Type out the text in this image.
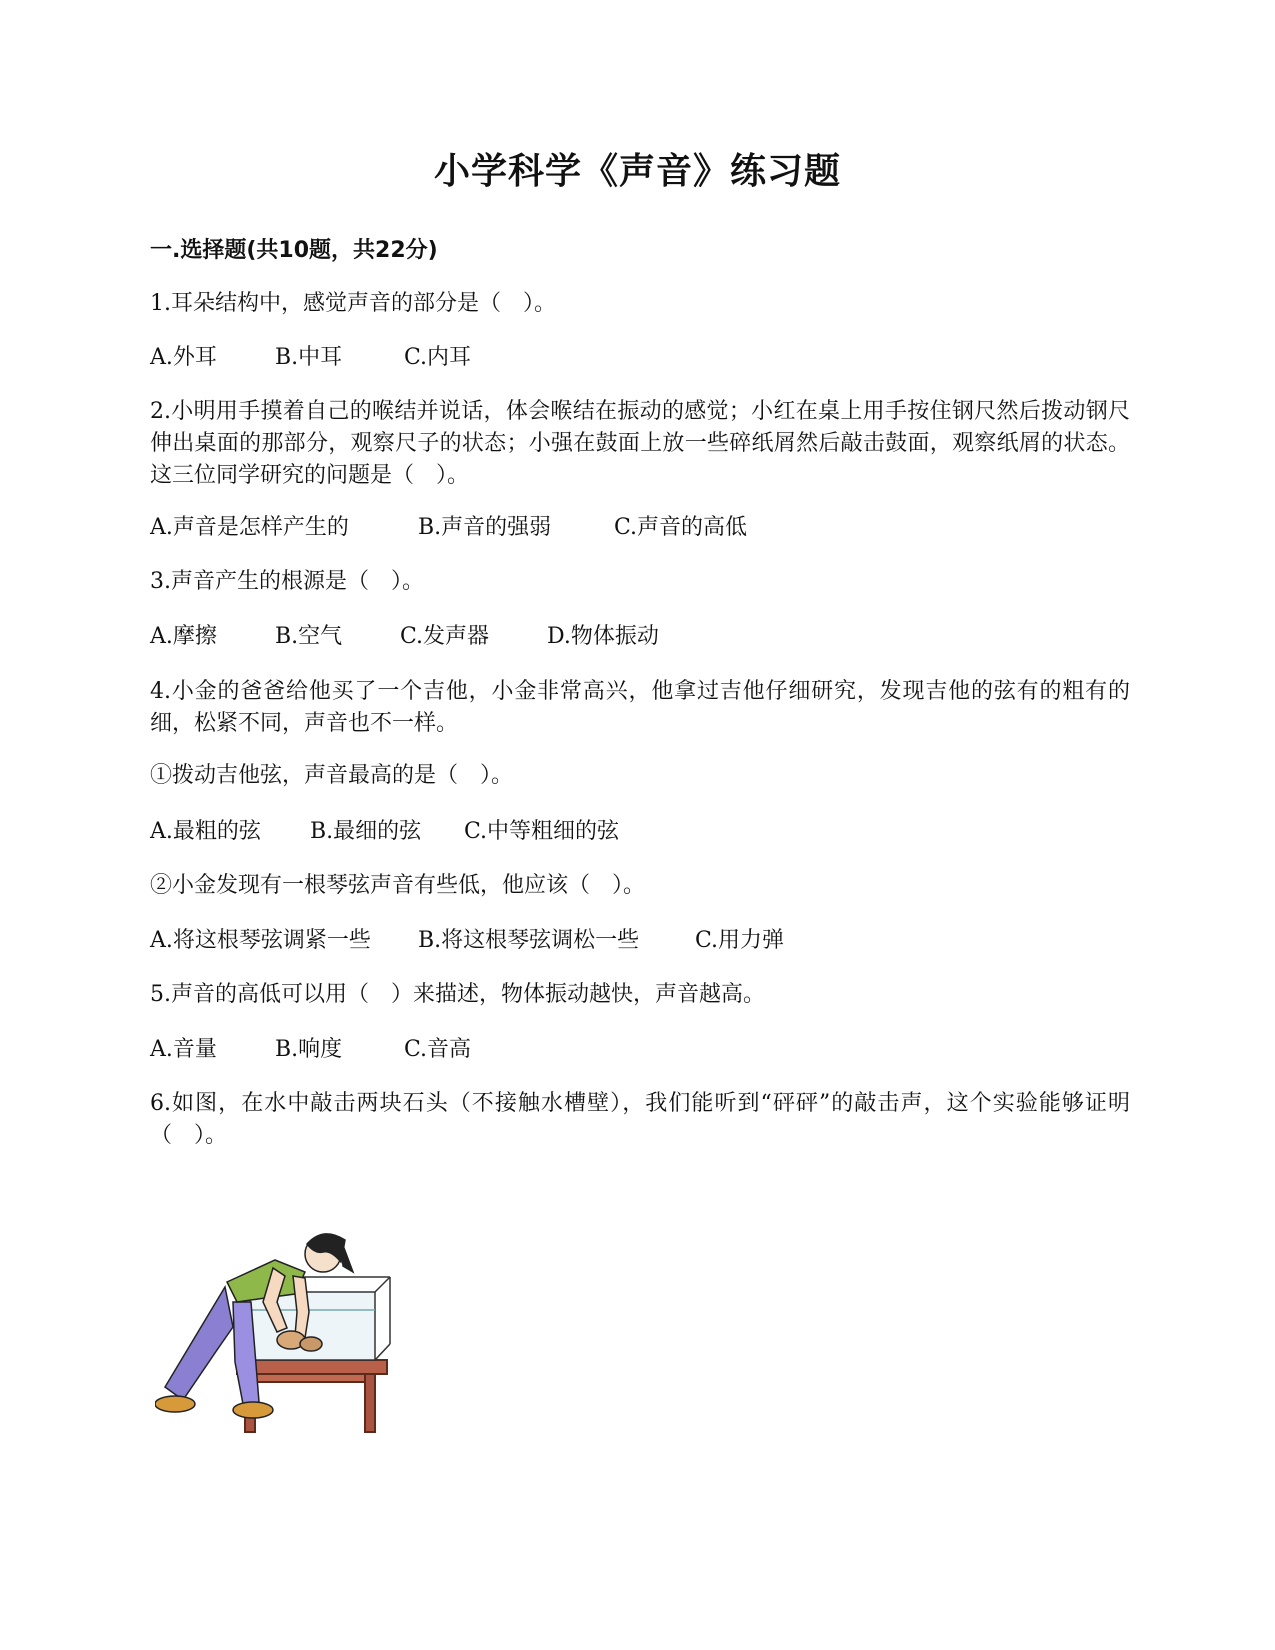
小学科学《声音》练习题
一.选择题(共10题，共22分)
1.耳朵结构中，感觉声音的部分是（　）。
A.外耳	B.中耳	C.内耳
2.小明用手摸着自己的喉结并说话，体会喉结在振动的感觉；小红在桌上用手按住钢尺然后拨动钢尺伸出桌面的那部分，观察尺子的状态；小强在鼓面上放一些碎纸屑然后敲击鼓面，观察纸屑的状态。这三位同学研究的问题是（　）。
A.声音是怎样产生的	B.声音的强弱	C.声音的高低
3.声音产生的根源是（　）。
A.摩擦	B.空气	C.发声器	D.物体振动
4.小金的爸爸给他买了一个吉他，小金非常高兴，他拿过吉他仔细研究，发现吉他的弦有的粗有的细，松紧不同，声音也不一样。
①拨动吉他弦，声音最高的是（　）。
A.最粗的弦 B.最细的弦 C.中等粗细的弦
②小金发现有一根琴弦声音有些低，他应该（　）。
A.将这根琴弦调紧一些 B.将这根琴弦调松一些	C.用力弹
5.声音的高低可以用（　）来描述，物体振动越快，声音越高。
A.音量	B.响度	C.音高
6.如图，在水中敲击两块石头（不接触水槽壁），我们能听到“砰砰”的敲击声，这个实验能够证明（　）。
